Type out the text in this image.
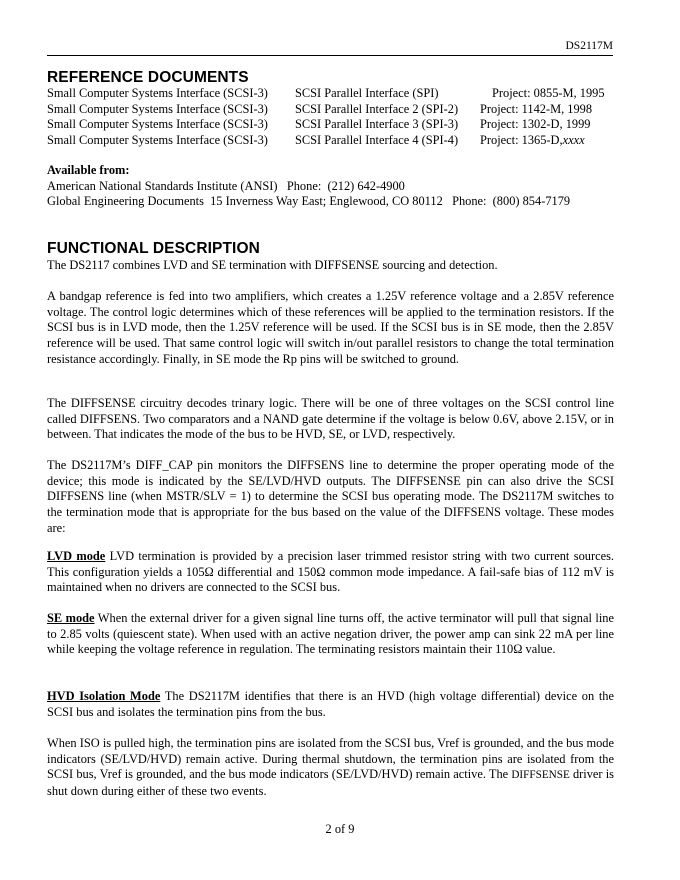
DS2117M
REFERENCE DOCUMENTS
Small Computer Systems Interface (SCSI-3) SCSI Parallel Interface (SPI)	Project: 0855-M, 1995
Small Computer Systems Interface (SCSI-3) SCSI Parallel Interface 2 (SPI-2) Project: 1142-M, 1998
Small Computer Systems Interface (SCSI-3) SCSI Parallel Interface 3 (SPI-3) Project: 1302-D, 1999
Small Computer Systems Interface (SCSI-3) SCSI Parallel Interface 4 (SPI-4) Project: 1365-D,xxxx
Available from:
American National Standards Institute (ANSI)   Phone:  (212) 642-4900
Global Engineering Documents  15 Inverness Way East; Englewood, CO 80112   Phone:  (800) 854-7179
FUNCTIONAL DESCRIPTION

The DS2117 combines LVD and SE termination with DIFFSENSE sourcing and detection.

A bandgap reference is fed into two amplifiers, which creates a 1.25V reference voltage and a 2.85V reference voltage. The control logic determines which of these references will be applied to the termination resistors. If the SCSI bus is in LVD mode, then the 1.25V reference will be used. If the SCSI bus is in SE mode, then the 2.85V reference will be used. That same control logic will switch in/out parallel resistors to change the total termination resistance accordingly. Finally, in SE mode the Rp pins will be switched to ground.

The DIFFSENSE circuitry decodes trinary logic. There will be one of three voltages on the SCSI control line called DIFFSENS. Two comparators and a NAND gate determine if the voltage is below 0.6V, above 2.15V, or in between. That indicates the mode of the bus to be HVD, SE, or LVD, respectively.

The DS2117M’s DIFF_CAP pin monitors the DIFFSENS line to determine the proper operating mode of the device; this mode is indicated by the SE/LVD/HVD outputs. The DIFFSENSE pin can also drive the SCSI DIFFSENS line (when MSTR/SLV = 1) to determine the SCSI bus operating mode. The DS2117M switches to the termination mode that is appropriate for the bus based on the value of the DIFFSENS voltage. These modes are:

LVD mode LVD termination is provided by a precision laser trimmed resistor string with two current sources. This configuration yields a 105Ω differential and 150Ω common mode impedance. A fail-safe bias of 112 mV is maintained when no drivers are connected to the SCSI bus.

SE mode When the external driver for a given signal line turns off, the active terminator will pull that signal line to 2.85 volts (quiescent state). When used with an active negation driver, the power amp can sink 22 mA per line while keeping the voltage reference in regulation. The terminating resistors maintain their 110Ω value.

HVD Isolation Mode The DS2117M identifies that there is an HVD (high voltage differential) device on the SCSI bus and isolates the termination pins from the bus.

When ISO is pulled high, the termination pins are isolated from the SCSI bus, Vref is grounded, and the bus mode indicators (SE/LVD/HVD) remain active. During thermal shutdown, the termination pins are isolated from the SCSI bus, Vref is grounded, and the bus mode indicators (SE/LVD/HVD) remain active. The DIFFSENSE driver is shut down during either of these two events.

2 of 9
